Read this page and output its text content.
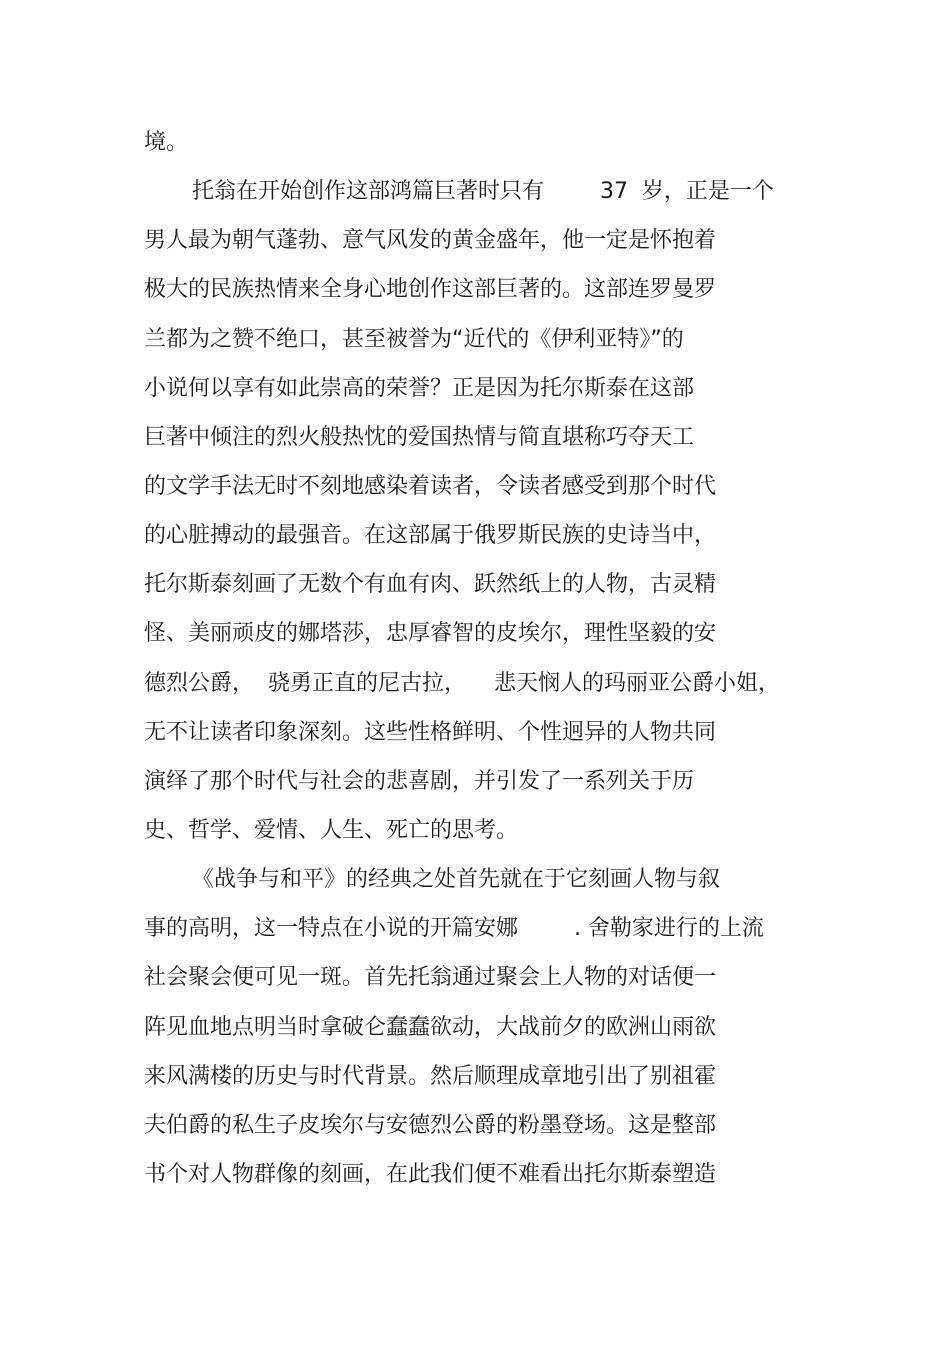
境。
托翁在开始创作这部鸿篇巨著时只有        37  岁，正是一个
男人最为朝气蓬勃、意气风发的黄金盛年，他一定是怀抱着
极大的民族热情来全身心地创作这部巨著的。这部连罗曼罗
兰都为之赞不绝口，甚至被誉为“近代的《伊利亚特》”的
小说何以享有如此崇高的荣誉？正是因为托尔斯泰在这部
巨著中倾注的烈火般热忱的爱国热情与简直堪称巧夺天工
的文学手法无时不刻地感染着读者，令读者感受到那个时代
的心脏搏动的最强音。在这部属于俄罗斯民族的史诗当中，
托尔斯泰刻画了无数个有血有肉、跃然纸上的人物，古灵精
怪、美丽顽皮的娜塔莎，忠厚睿智的皮埃尔，理性坚毅的安
德烈公爵，  骁勇正直的尼古拉，    悲天悯人的玛丽亚公爵小姐，
无不让读者印象深刻。这些性格鲜明、个性迥异的人物共同
演绎了那个时代与社会的悲喜剧，并引发了一系列关于历
史、哲学、爱情、人生、死亡的思考。
《战争与和平》的经典之处首先就在于它刻画人物与叙
事的高明，这一特点在小说的开篇安娜        . 舍勒家进行的上流
社会聚会便可见一斑。首先托翁通过聚会上人物的对话便一
阵见血地点明当时拿破仑蠢蠢欲动，大战前夕的欧洲山雨欲
来风满楼的历史与时代背景。然后顺理成章地引出了别祖霍
夫伯爵的私生子皮埃尔与安德烈公爵的粉墨登场。这是整部
书个对人物群像的刻画，在此我们便不难看出托尔斯泰塑造
